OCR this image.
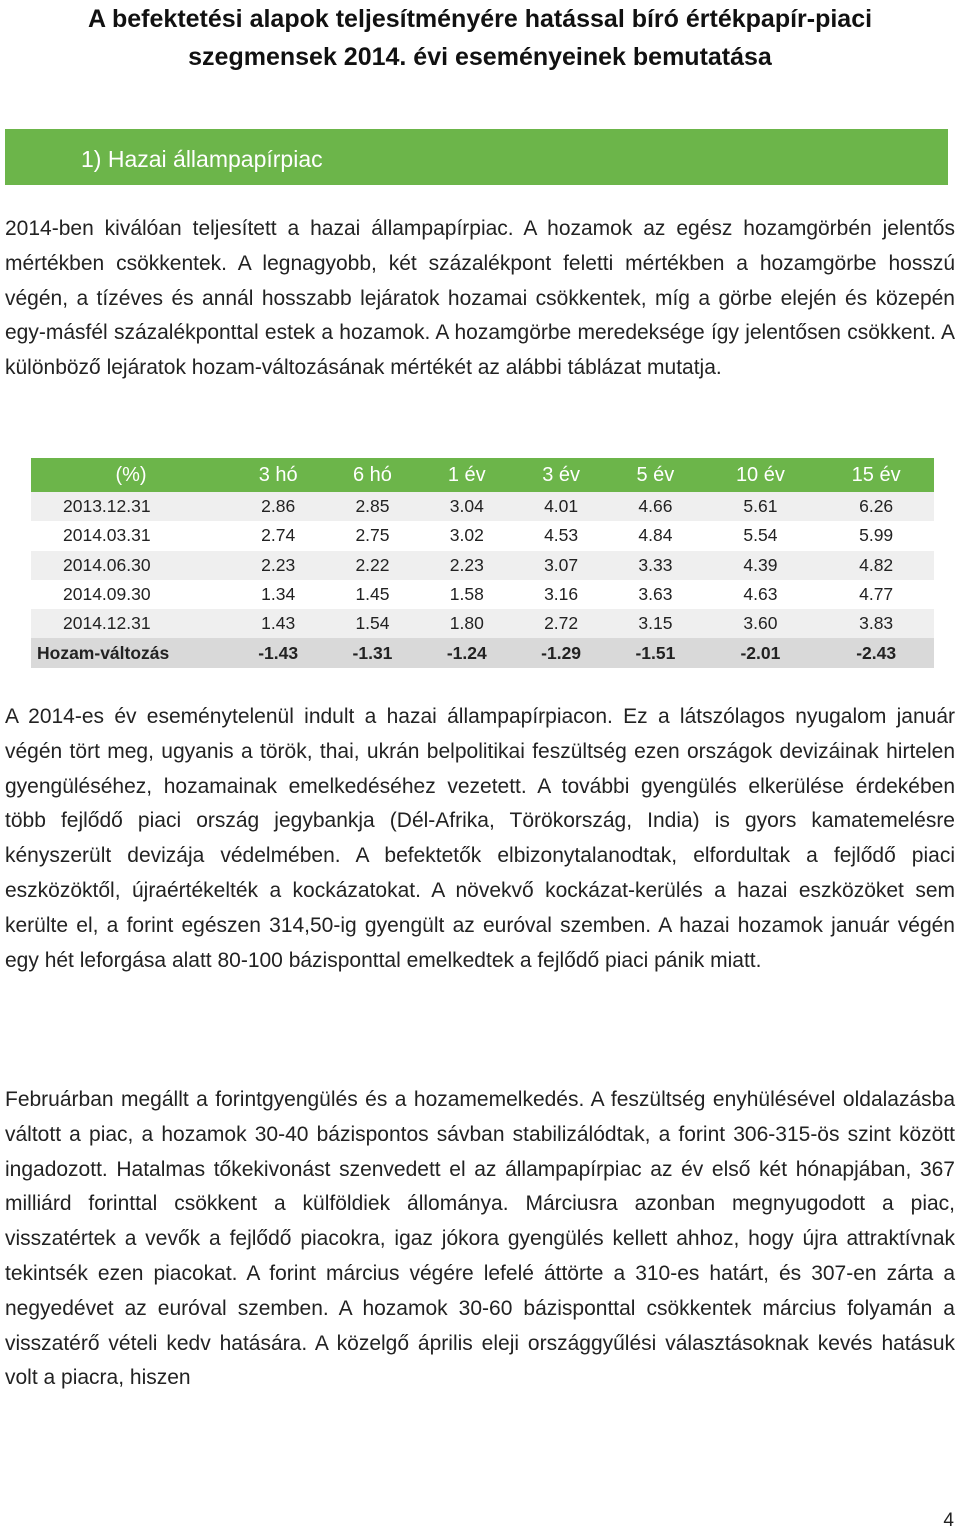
A befektetési alapok teljesítményére hatással bíró értékpapír-piaci
szegmensek 2014. évi eseményeinek bemutatása
1) Hazai állampapírpiac
2014-ben kiválóan teljesített a hazai állampapírpiac. A hozamok az egész hozamgörbén jelentős mértékben csökkentek. A legnagyobb, két százalékpont feletti mértékben a hozamgörbe hosszú végén, a tízéves és annál hosszabb lejáratok hozamai csökkentek, míg a görbe elején és közepén egy-másfél százalékponttal estek a hozamok. A hozamgörbe meredeksége így jelentősen csökkent. A különböző lejáratok hozam-változásának mértékét az alábbi táblázat mutatja.
(%)	3 hó	6 hó	1 év	3 év	5 év	10 év	15 év
2013.12.31	2.86	2.85	3.04	4.01	4.66	5.61	6.26
2014.03.31	2.74	2.75	3.02	4.53	4.84	5.54	5.99
2014.06.30	2.23	2.22	2.23	3.07	3.33	4.39	4.82
2014.09.30	1.34	1.45	1.58	3.16	3.63	4.63	4.77
2014.12.31	1.43	1.54	1.80	2.72	3.15	3.60	3.83
Hozam-változás	-1.43	-1.31	-1.24	-1.29	-1.51	-2.01	-2.43
A 2014-es év eseménytelenül indult a hazai állampapírpiacon. Ez a látszólagos nyugalom január végén tört meg, ugyanis a török, thai, ukrán belpolitikai feszültség ezen országok devizáinak hirtelen gyengüléséhez, hozamainak emelkedéséhez vezetett. A további gyengülés elkerülése érdekében több fejlődő piaci ország jegybankja (Dél-Afrika, Törökország, India) is gyors kamatemelésre kényszerült devizája védelmében. A befektetők elbizonytalanodtak, elfordultak a fejlődő piaci eszközöktől, újraértékelték a kockázatokat. A növekvő kockázat-kerülés a hazai eszközöket sem kerülte el, a forint egészen 314,50-ig gyengült az euróval szemben. A hazai hozamok január végén egy hét leforgása alatt 80-100 bázisponttal emelkedtek a fejlődő piaci pánik miatt.
Februárban megállt a forintgyengülés és a hozamemelkedés. A feszültség enyhülésével oldalazásba váltott a piac, a hozamok 30-40 bázispontos sávban stabilizálódtak, a forint 306-315-ös szint között ingadozott. Hatalmas tőkekivonást szenvedett el az állampapírpiac az év első két hónapjában, 367 milliárd forinttal csökkent a külföldiek állománya. Márciusra azonban megnyugodott a piac, visszatértek a vevők a fejlődő piacokra, igaz jókora gyengülés kellett ahhoz, hogy újra attraktívnak tekintsék ezen piacokat. A forint március végére lefelé áttörte a 310-es határt, és 307-en zárta a negyedévet az euróval szemben. A hozamok 30-60 bázisponttal csökkentek március folyamán a visszatérő vételi kedv hatására. A közelgő április eleji országgyűlési választásoknak kevés hatásuk volt a piacra, hiszen
4
